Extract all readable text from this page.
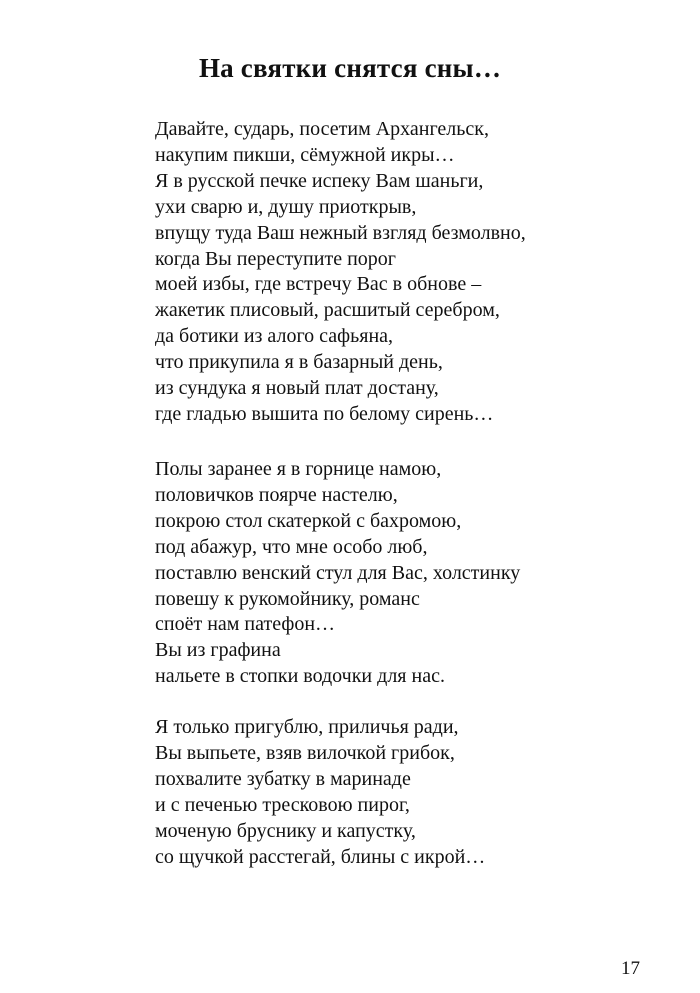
На святки снятся сны…
Давайте, сударь, посетим Архангельск,
накупим пикши, сёмужной икры…
Я в русской печке испеку Вам шаньги,
ухи сварю и, душу приоткрыв,
впущу туда Ваш нежный взгляд безмолвно,
когда Вы переступите порог
моей избы, где встречу Вас в обнове –
жакетик плисовый, расшитый серебром,
да ботики из алого сафьяна,
что прикупила я в базарный день,
из сундука я новый плат достану,
где гладью вышита по белому сирень…
Полы заранее я в горнице намою,
половичков поярче настелю,
покрою стол скатеркой с бахромою,
под абажур, что мне особо люб,
поставлю венский стул для Вас, холстинку
повешу к рукомойнику, романс
споёт нам патефон…
Вы из графина
нальете в стопки водочки для нас.
Я только пригублю, приличья ради,
Вы выпьете, взяв вилочкой грибок,
похвалите зубатку в маринаде
и с печенью тресковою пирог,
моченую бруснику и капустку,
со щучкой расстегай, блины с икрой…

17
